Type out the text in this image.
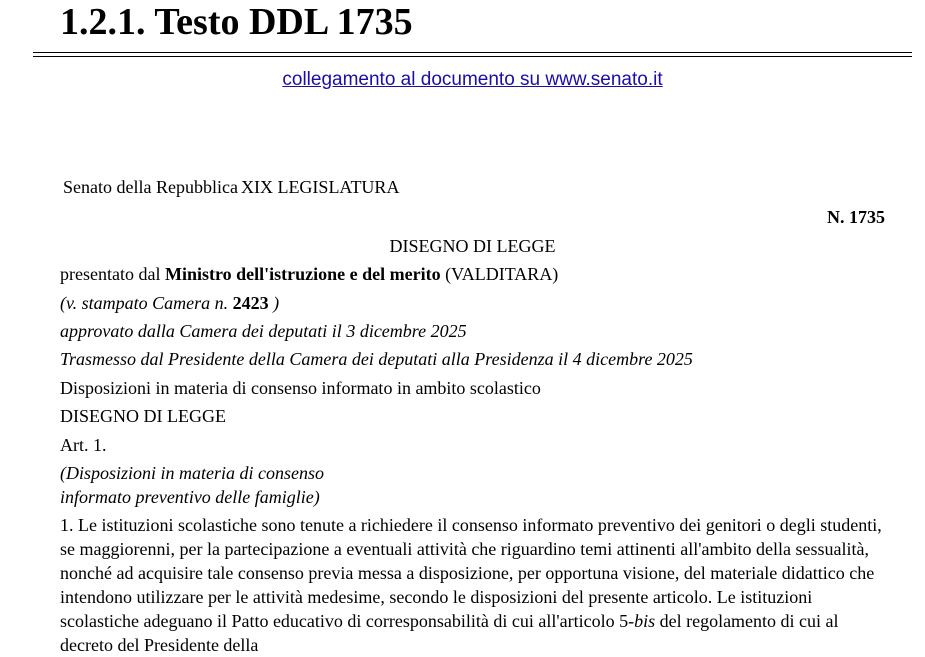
1.2.1. Testo DDL 1735
collegamento al documento su www.senato.it
Senato della Repubblica XIX LEGISLATURA
N. 1735
DISEGNO DI LEGGE
presentato dal Ministro dell'istruzione e del merito (VALDITARA)
(v. stampato Camera n. 2423 )
approvato dalla Camera dei deputati il 3 dicembre 2025
Trasmesso dal Presidente della Camera dei deputati alla Presidenza il 4 dicembre 2025
Disposizioni in materia di consenso informato in ambito scolastico
DISEGNO DI LEGGE
Art. 1.
(Disposizioni in materia di consenso
informato preventivo delle famiglie)

1. Le istituzioni scolastiche sono tenute a richiedere il consenso informato preventivo dei genitori o degli studenti, se maggiorenni, per la partecipazione a eventuali attività che riguardino temi attinenti all'ambito della sessualità, nonché ad acquisire tale consenso previa messa a disposizione, per opportuna visione, del materiale didattico che intendono utilizzare per le attività medesime, secondo le disposizioni del presente articolo. Le istituzioni scolastiche adeguano il Patto educativo di corresponsabilità di cui all'articolo 5-bis del regolamento di cui al decreto del Presidente della
